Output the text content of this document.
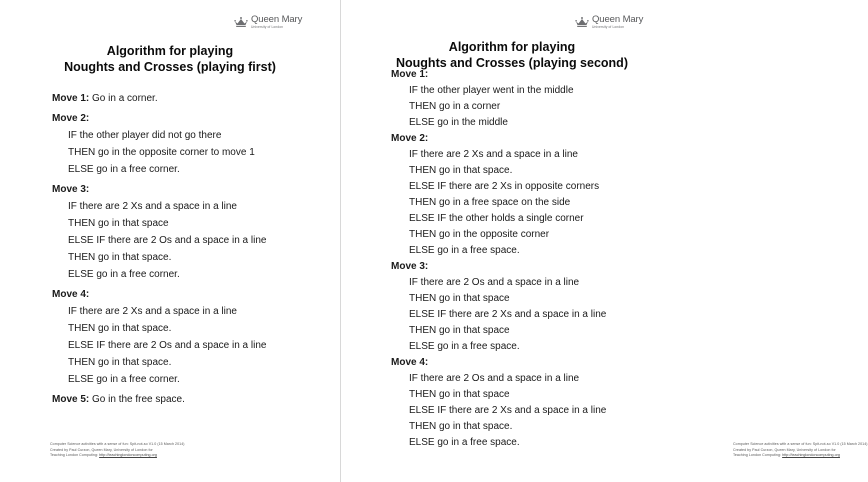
Queen Mary
University of London
Algorithm for playing
Noughts and Crosses (playing first)
Move 1: Go in a corner.
Move 2:
IF the other player did not go there
THEN go in the opposite corner to move 1
ELSE go in a free corner.
Move 3:
IF there are 2 Xs and a space in a line
THEN go in that space
ELSE IF there are 2 Os and a space in a line
THEN go in that space.
ELSE go in a free corner.
Move 4:
IF there are 2 Xs and a space in a line
THEN go in that space.
ELSE IF there are 2 Os and a space in a line
THEN go in that space.
ELSE go in a free corner.
Move 5: Go in the free space.
Computer Science activities with a sense of fun: Spit-not-so V1.0 (15 March 2014)
Created by Paul Curzon, Queen Mary, University of London for
Teaching London Computing: http://teachinglondoncomputing.org
Queen Mary
University of London
Algorithm for playing
Noughts and Crosses (playing second)
Move 1:
IF the other player went in the middle
THEN go in a corner
ELSE go in the middle
Move 2:
IF there are 2 Xs and a space in a line
THEN go in that space.
ELSE IF there are 2 Xs in opposite corners
THEN go in a free space on the side
ELSE IF the other holds a single corner
THEN go in the opposite corner
ELSE go in a free space.
Move 3:
IF there are 2 Os and a space in a line
THEN go in that space
ELSE IF there are 2 Xs and a space in a line
THEN go in that space
ELSE go in a free space.
Move 4:
IF there are 2 Os and a space in a line
THEN go in that space
ELSE IF there are 2 Xs and a space in a line
THEN go in that space.
ELSE go in a free space.	Computer Science activities with a sense of fun: Spit-not-so V1.0 (15 March 2014)
Created by Paul Curzon, Queen Mary, University of London for
Teaching London Computing: http://teachinglondoncomputing.org
